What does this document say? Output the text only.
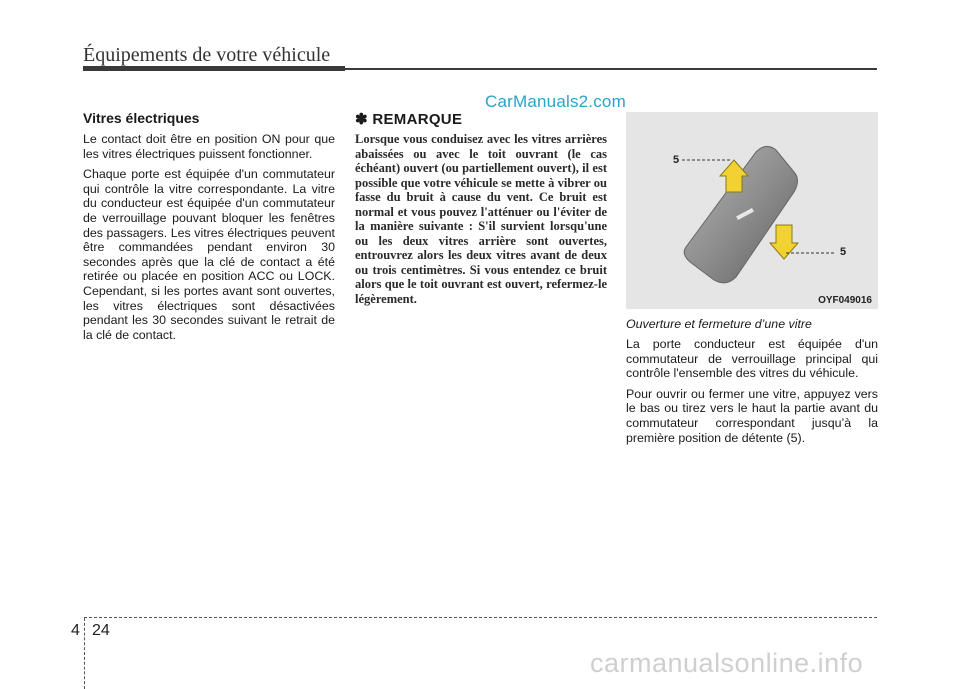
Équipements de votre véhicule
CarManuals2.com
Vitres électriques

Le contact doit être en position ON pour que les vitres électriques puissent fonctionner.

Chaque porte est équipée d'un commutateur qui contrôle la vitre correspondante. La vitre du conducteur est équipée d'un commutateur de verrouillage pouvant bloquer les fenêtres des passagers. Les vitres électriques peuvent être commandées pendant environ 30 secondes après que la clé de contact a été retirée ou placée en position ACC ou LOCK. Cependant, si les portes avant sont ouvertes, les vitres électriques sont désactivées pendant les 30 secondes suivant le retrait de la clé de contact.

✽ REMARQUE

Lorsque vous conduisez avec les vitres arrières abaissées ou avec le toit ouvrant (le cas échéant) ouvert (ou partiellement ouvert), il est possible que votre véhicule se mette à vibrer ou fasse du bruit à cause du vent. Ce bruit est normal et vous pouvez l'atténuer ou l'éviter de la manière suivante : S'il survient lorsqu'une ou les deux vitres arrière sont ouvertes, entrouvrez alors les deux vitres avant de deux ou trois centimètres. Si vous entendez ce bruit alors que le toit ouvrant est ouvert, refermez-le légèrement.

5
5
OYF049016

Ouverture et fermeture d’une vitre

La porte conducteur est équipée d'un commutateur de verrouillage principal qui contrôle l'ensemble des vitres du véhicule.

Pour ouvrir ou fermer une vitre, appuyez vers le bas ou tirez vers le haut la partie avant du commutateur correspondant jusqu’à la première position de détente (5).

4 24
carmanualsonline.info
